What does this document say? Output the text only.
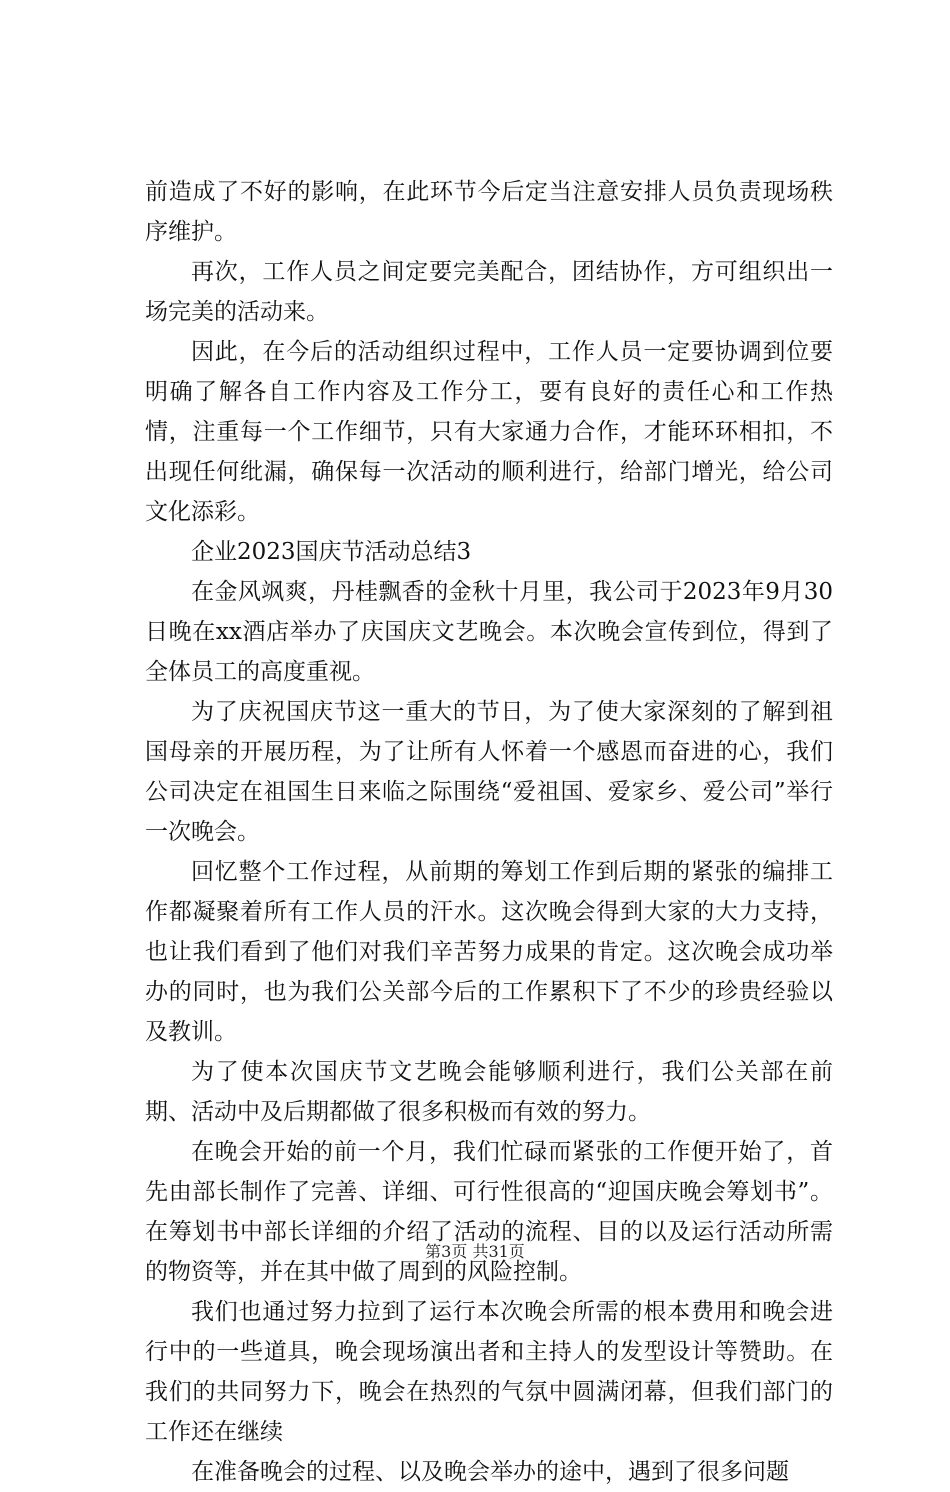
前造成了不好的影响，在此环节今后定当注意安排人员负责现场秩序维护。

再次，工作人员之间定要完美配合，团结协作，方可组织出一场完美的活动来。

因此，在今后的活动组织过程中，工作人员一定要协调到位要明确了解各自工作内容及工作分工，要有良好的责任心和工作热情，注重每一个工作细节，只有大家通力合作，才能环环相扣，不出现任何纰漏，确保每一次活动的顺利进行，给部门增光，给公司文化添彩。

企业2023国庆节活动总结3

在金风飒爽，丹桂飘香的金秋十月里，我公司于2023年9月30日晚在xx酒店举办了庆国庆文艺晚会。本次晚会宣传到位，得到了全体员工的高度重视。

为了庆祝国庆节这一重大的节日，为了使大家深刻的了解到祖国母亲的开展历程，为了让所有人怀着一个感恩而奋进的心，我们公司决定在祖国生日来临之际围绕“爱祖国、爱家乡、爱公司”举行一次晚会。

回忆整个工作过程，从前期的筹划工作到后期的紧张的编排工作都凝聚着所有工作人员的汗水。这次晚会得到大家的大力支持，也让我们看到了他们对我们辛苦努力成果的肯定。这次晚会成功举办的同时，也为我们公关部今后的工作累积下了不少的珍贵经验以及教训。

为了使本次国庆节文艺晚会能够顺利进行，我们公关部在前期、活动中及后期都做了很多积极而有效的努力。

在晚会开始的前一个月，我们忙碌而紧张的工作便开始了，首先由部长制作了完善、详细、可行性很高的“迎国庆晚会筹划书”。在筹划书中部长详细的介绍了活动的流程、目的以及运行活动所需的物资等，并在其中做了周到的风险控制。

我们也通过努力拉到了运行本次晚会所需的根本费用和晚会进行中的一些道具，晚会现场演出者和主持人的发型设计等赞助。在我们的共同努力下，晚会在热烈的气氛中圆满闭幕，但我们部门的工作还在继续

在准备晚会的过程、以及晚会举办的途中，遇到了很多问题

第3页 共31页
